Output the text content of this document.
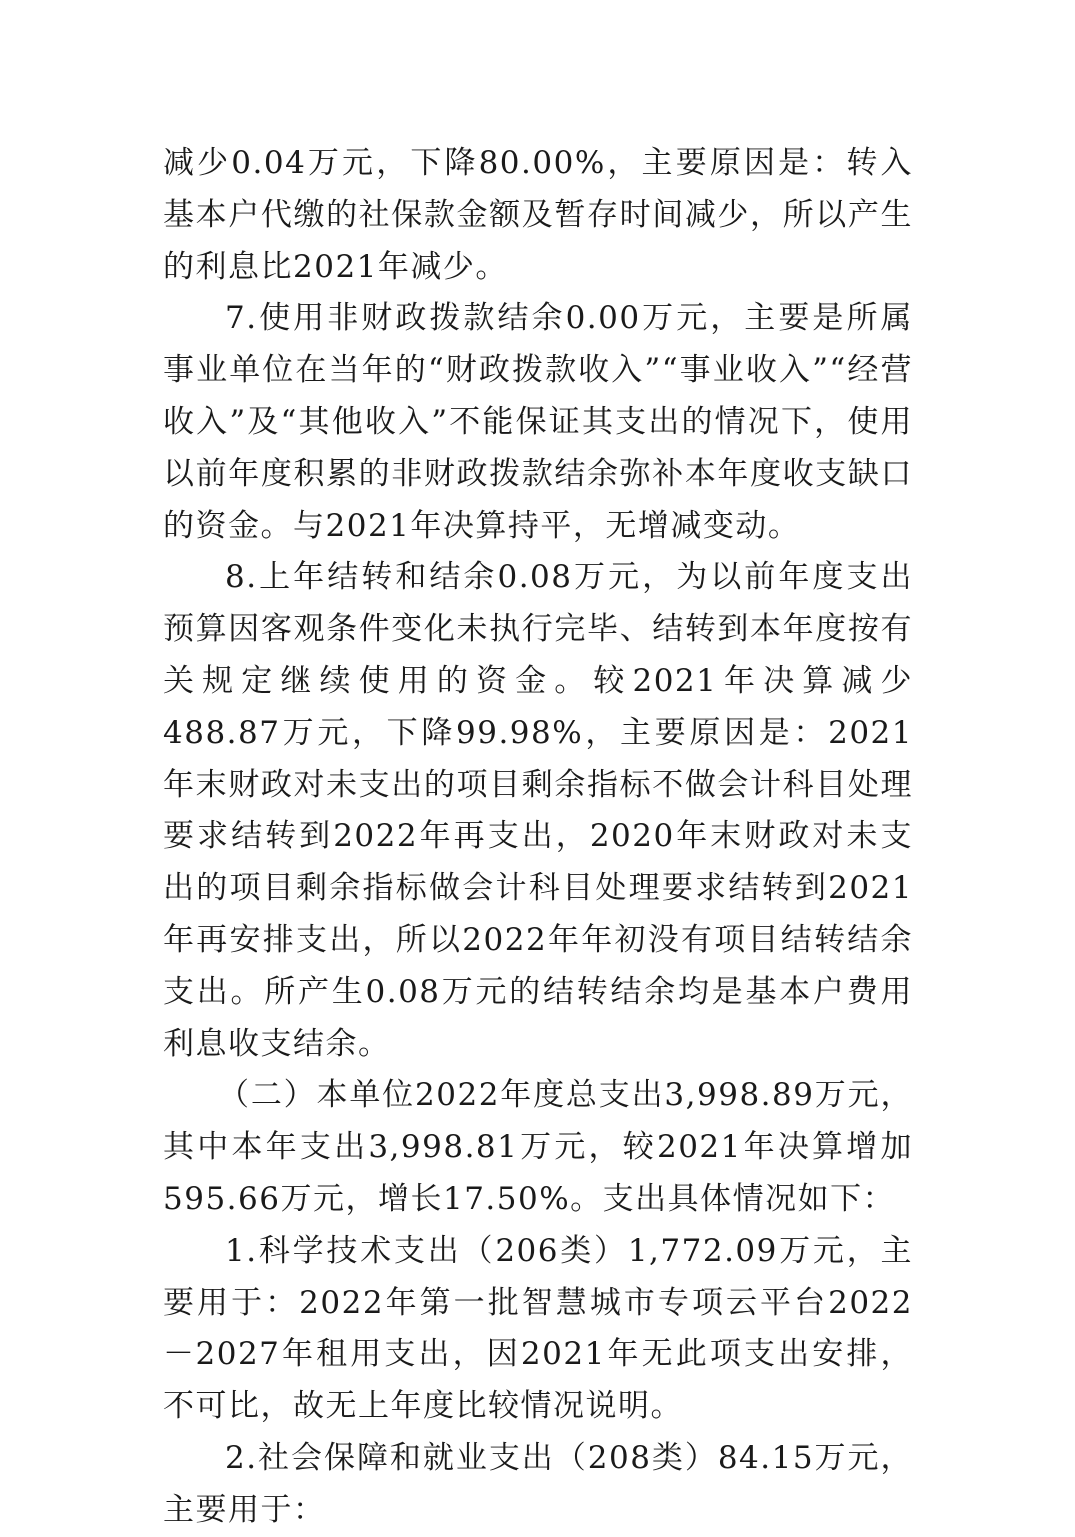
减少0.04万元，下降80.00%，主要原因是：转入基本户代缴的社保款金额及暂存时间减少，所以产生的利息比2021年减少。

7.使用非财政拨款结余0.00万元，主要是所属事业单位在当年的“财政拨款收入”“事业收入”“经营收入”及“其他收入”不能保证其支出的情况下，使用以前年度积累的非财政拨款结余弥补本年度收支缺口的资金。与2021年决算持平，无增减变动。

8.上年结转和结余0.08万元，为以前年度支出预算因客观条件变化未执行完毕、结转到本年度按有关规定继续使用的资金。较2021年决算减少488.87万元，下降99.98%，主要原因是：2021年末财政对未支出的项目剩余指标不做会计科目处理要求结转到2022年再支出，2020年末财政对未支出的项目剩余指标做会计科目处理要求结转到2021年再安排支出，所以2022年年初没有项目结转结余支出。所产生0.08万元的结转结余均是基本户费用利息收支结余。

（二）本单位2022年度总支出3,998.89万元，其中本年支出3,998.81万元，较2021年决算增加595.66万元，增长17.50%。支出具体情况如下：

1.科学技术支出（206类）1,772.09万元，主要用于：2022年第一批智慧城市专项云平台2022－2027年租用支出，因2021年无此项支出安排，不可比，故无上年度比较情况说明。

2.社会保障和就业支出（208类）84.15万元，主要用于：
